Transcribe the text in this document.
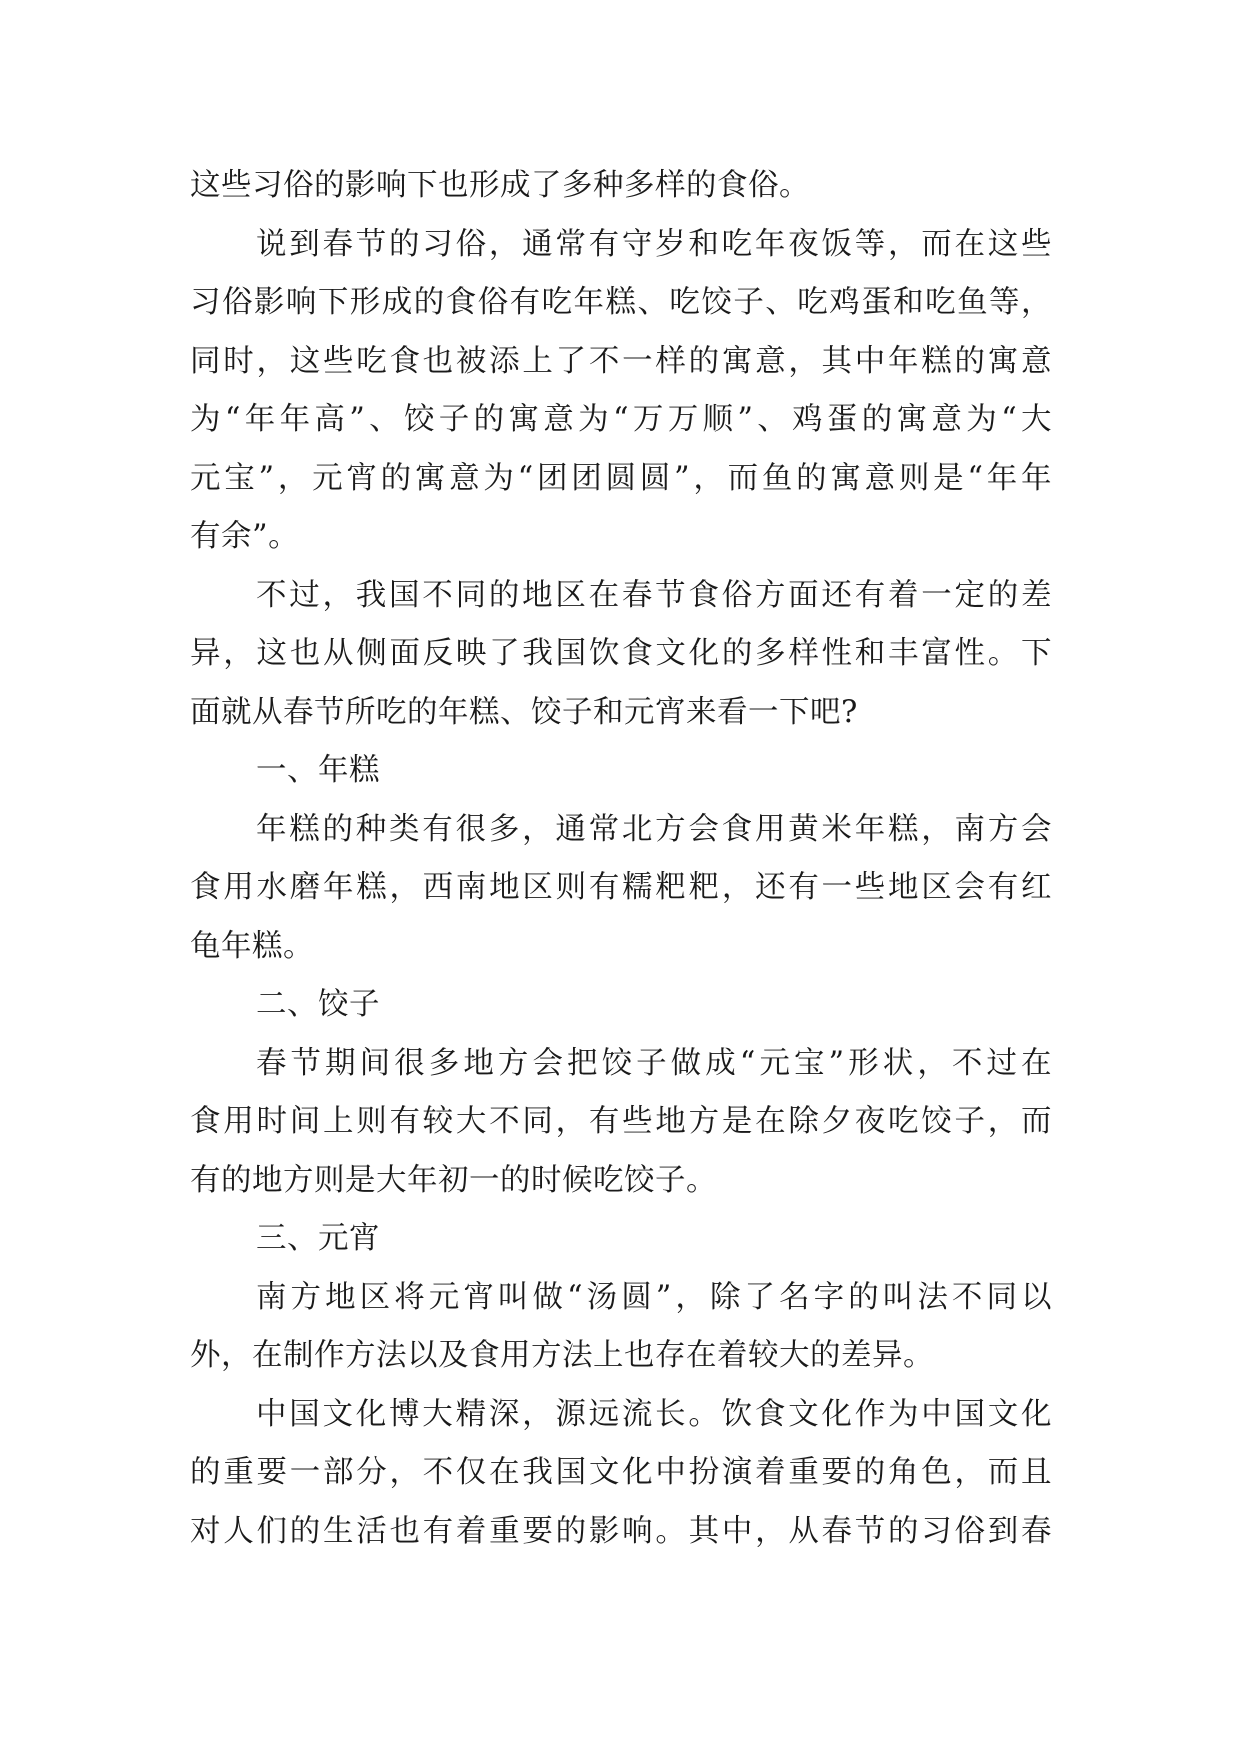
这些习俗的影响下也形成了多种多样的食俗。
说到春节的习俗，通常有守岁和吃年夜饭等，而在这些
习俗影响下形成的食俗有吃年糕、吃饺子、吃鸡蛋和吃鱼等，
同时，这些吃食也被添上了不一样的寓意，其中年糕的寓意
为“年年高”、饺子的寓意为“万万顺”、鸡蛋的寓意为“大
元宝”，元宵的寓意为“团团圆圆”，而鱼的寓意则是“年年
有余”。
不过，我国不同的地区在春节食俗方面还有着一定的差
异，这也从侧面反映了我国饮食文化的多样性和丰富性。下
面就从春节所吃的年糕、饺子和元宵来看一下吧?
一、年糕
年糕的种类有很多，通常北方会食用黄米年糕，南方会
食用水磨年糕，西南地区则有糯粑粑，还有一些地区会有红
龟年糕。
二、饺子
春节期间很多地方会把饺子做成“元宝”形状，不过在
食用时间上则有较大不同，有些地方是在除夕夜吃饺子，而
有的地方则是大年初一的时候吃饺子。
三、元宵
南方地区将元宵叫做“汤圆”，除了名字的叫法不同以
外，在制作方法以及食用方法上也存在着较大的差异。
中国文化博大精深，源远流长。饮食文化作为中国文化
的重要一部分，不仅在我国文化中扮演着重要的角色，而且
对人们的生活也有着重要的影响。其中，从春节的习俗到春
